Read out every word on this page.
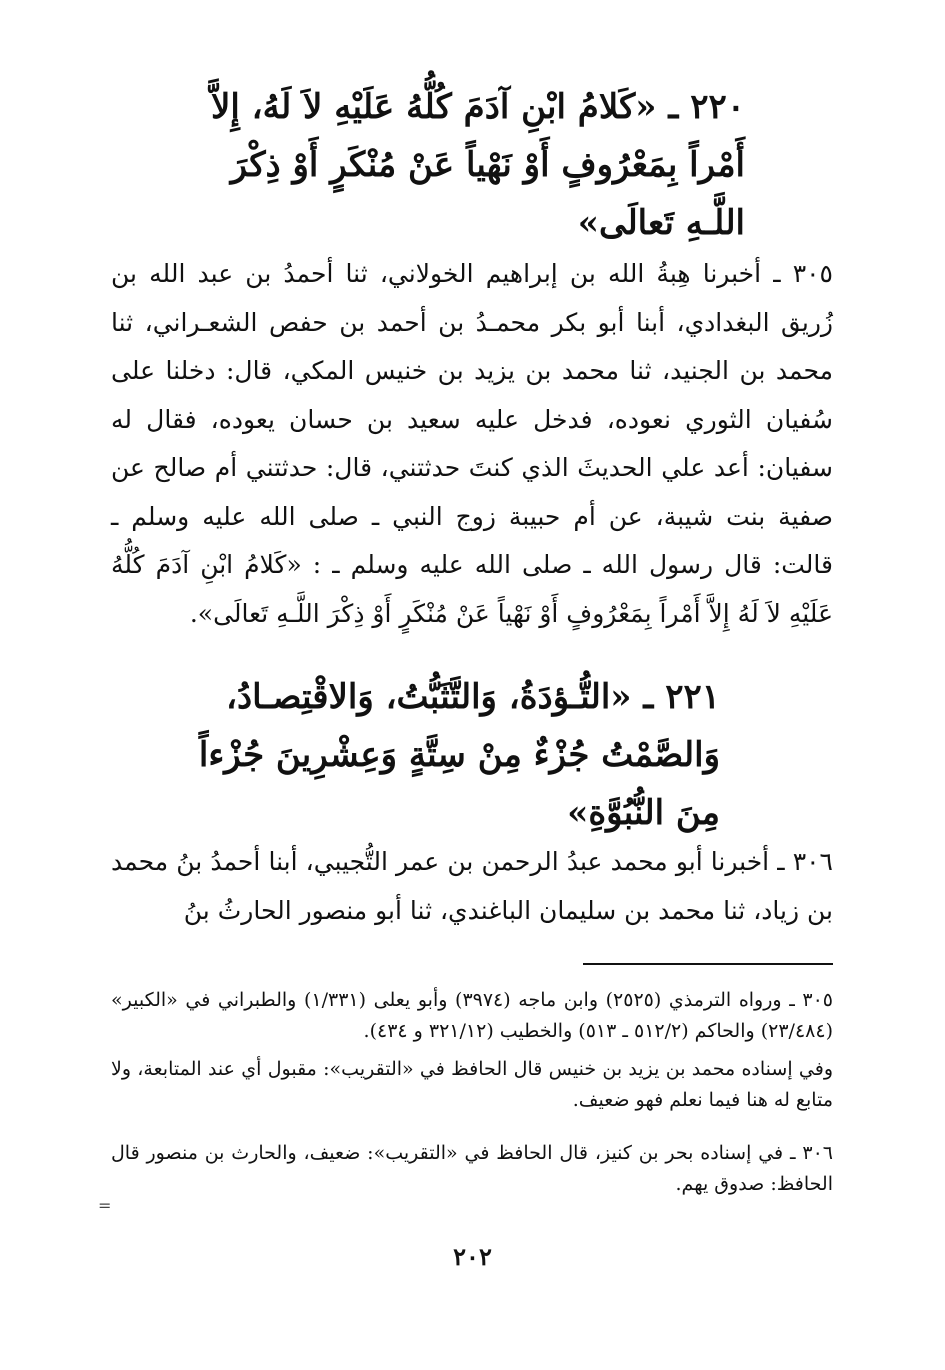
٢٢٠ ـ «كَلامُ ابْنِ آدَمَ كُلُّهُ عَلَيْهِ لاَ لَهُ، إِلاَّ أَمْراً بِمَعْرُوفٍ أَوْ نَهْياً عَنْ مُنْكَرٍ أَوْ ذِكْرَ اللَّـهِ تَعالَى»
٣٠٥ ـ أخبرنا هِبةُ الله بن إبراهيم الخولاني، ثنا أحمدُ بن عبد الله بن زُريق البغدادي، أبنا أبو بكر محمـدُ بن أحمد بن حفص الشعـراني، ثنا محمد بن الجنيد، ثنا محمد بن يزيد بن خنيس المكي، قال: دخلنا على سُفيان الثوري نعوده، فدخل عليه سعيد بن حسان يعوده، فقال له سفيان: أعد علي الحديثَ الذي كنتَ حدثتني، قال: حدثتني أم صالح عن صفية بنت شيبة، عن أم حبيبة زوج النبي ـ صلى الله عليه وسلم ـ قالت: قال رسول الله ـ صلى الله عليه وسلم ـ : «كَلامُ ابْنِ آدَمَ كُلُّهُ عَلَيْهِ لاَ لَهُ إِلاَّ أَمْراً بِمَعْرُوفٍ أَوْ نَهْياً عَنْ مُنْكَرٍ أَوْ ذِكْرَ اللَّـهِ تَعالَى».
٢٢١ ـ «التُّـؤدَةُ، وَالتَّثَبُّتُ، وَالاقْتِصـادُ، وَالصَّمْتُ جُزْءٌ مِنْ سِتَّةٍ وَعِشْرِينَ جُزْءاً مِنَ النُّبُوَّةِ»
٣٠٦ ـ أخبرنا أبو محمد عبدُ الرحمن بن عمر التُّجيبي، أبنا أحمدُ بنُ محمد بن زياد، ثنا محمد بن سليمان الباغندي، ثنا أبو منصور الحارثُ بنُ
٣٠٥ ـ ورواه الترمذي (٢٥٢٥) وابن ماجه (٣٩٧٤) وأبو يعلى (١/٣٣١) والطبراني في «الكبير» (٢٣/٤٨٤) والحاكم (٥١٢/٢ ـ ٥١٣) والخطيب (٣٢١/١٢ و ٤٣٤).
وفي إسناده محمد بن يزيد بن خنيس قال الحافظ في «التقريب»: مقبول أي عند المتابعة، ولا متابع له هنا فيما نعلم فهو ضعيف.
٣٠٦ ـ في إسناده بحر بن كنيز، قال الحافظ في «التقريب»: ضعيف، والحارث بن منصور قال الحافظ: صدوق يهم.
=
٢٠٢
